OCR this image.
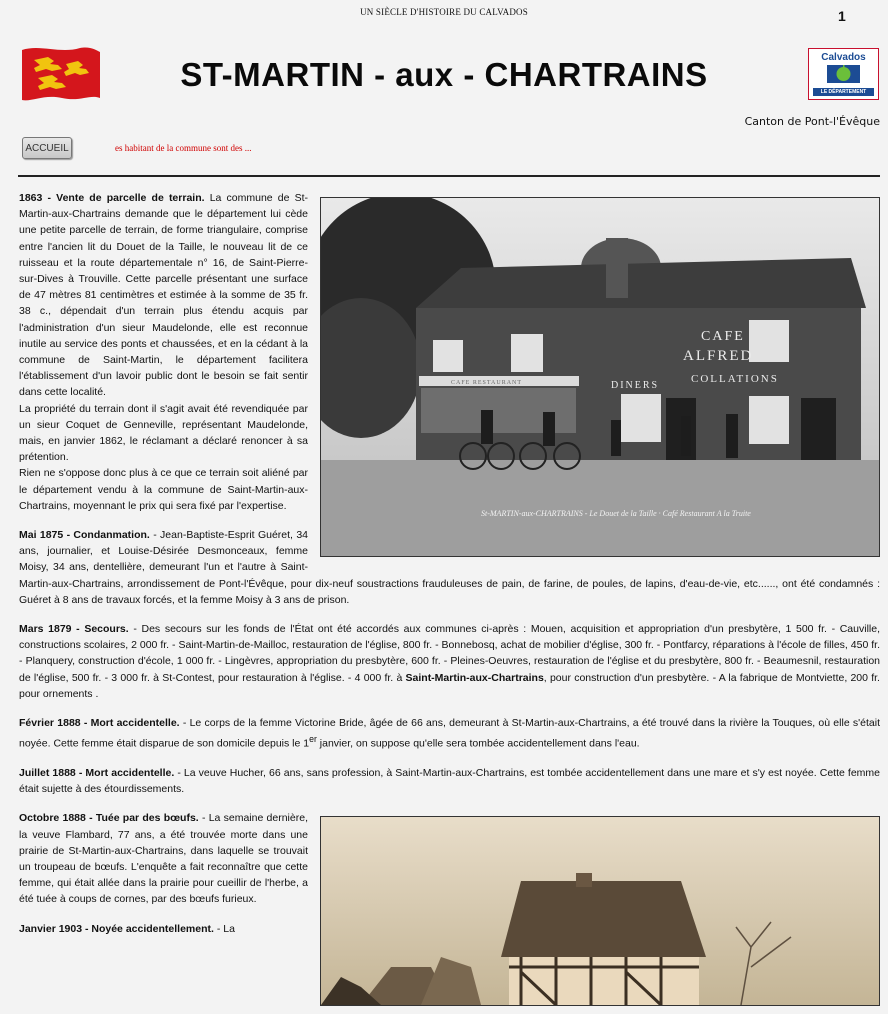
UN SIÈCLE D'HISTOIRE DU CALVADOS	1
ST-MARTIN - aux - CHARTRAINS	Calvados
LE DÉPARTEMENT
Canton de Pont-l'Évêque
ACCUEIL	es habitant de la commune sont des ...
CAFE
ALFRED
DINERS
COLLATIONS
CAFE RESTAURANT
St-MARTIN-aux-CHARTRAINS - Le Douet de la Taille · Café Restaurant A la Truite

1863 - Vente de parcelle de terrain. La commune de St-Martin-aux-Chartrains demande que le département lui cède une petite parcelle de terrain, de forme triangulaire, comprise entre l'ancien lit du Douet de la Taille, le nouveau lit de ce ruisseau et la route départementale n° 16, de Saint-Pierre-sur-Dives à Trouville. Cette parcelle présentant une surface de 47 mètres 81 centimètres et estimée à la somme de 35 fr. 38 c., dépendait d'un terrain plus étendu acquis par l'administration d'un sieur Maudelonde, elle est reconnue inutile au service des ponts et chaussées, et en la cédant à la commune de Saint-Martin, le département facilitera l'établissement d'un lavoir public dont le besoin se fait sentir dans cette localité.
La propriété du terrain dont il s'agit avait été revendiquée par un sieur Coquet de Genneville, représentant Maudelonde, mais, en janvier 1862, le réclamant a déclaré renoncer à sa prétention.
Rien ne s'oppose donc plus à ce que ce terrain soit aliéné par le département vendu à la commune de Saint-Martin-aux-Chartrains, moyennant le prix qui sera fixé par l'expertise.

Mai 1875 - Condanmation. - Jean-Baptiste-Esprit Guéret, 34 ans, journalier, et Louise-Désirée Desmonceaux, femme Moisy, 34 ans, dentellière, demeurant l'un et l'autre à Saint-Martin-aux-Chartrains, arrondissement de Pont-l'Évêque, pour dix-neuf soustractions frauduleuses de pain, de farine, de poules, de lapins, d'eau-de-vie, etc......, ont été condamnés : Guéret à 8 ans de travaux forcés, et la femme Moisy à 3 ans de prison.

Mars 1879 - Secours. - Des secours sur les fonds de l'État ont été accordés aux communes ci-après : Mouen, acquisition et appropriation d'un presbytère, 1 500 fr. - Cauville, constructions scolaires, 2 000 fr. - Saint-Martin-de-Mailloc, restauration de l'église, 800 fr. - Bonnebosq, achat de mobilier d'église, 300 fr. - Pontfarcy, réparations à l'école de filles, 450 fr. - Planquery, construction d'école, 1 000 fr. - Lingèvres, appropriation du presbytère, 600 fr. - Pleines-Oeuvres, restauration de l'église et du presbytère, 800 fr. - Beaumesnil, restauration de l'église, 500 fr. - 3 000 fr. à St-Contest, pour restauration à l'église. - 4 000 fr. à Saint-Martin-aux-Chartrains, pour construction d'un presbytère. - A la fabrique de Montviette, 200 fr. pour ornements .

Février 1888 - Mort accidentelle. - Le corps de la femme Victorine Bride, âgée de 66 ans, demeurant à St-Martin-aux-Chartrains, a été trouvé dans la rivière la Touques, où elle s'était noyée. Cette femme était disparue de son domicile depuis le 1er janvier, on suppose qu'elle sera tombée accidentellement dans l'eau.

Juillet 1888 - Mort accidentelle. - La veuve Hucher, 66 ans, sans profession, à Saint-Martin-aux-Chartrains, est tombée accidentellement dans une mare et s'y est noyée. Cette femme était sujette à des étourdissements.

Octobre 1888 - Tuée par des bœufs. - La semaine dernière, la veuve Flambard, 77 ans, a été trouvée morte dans une prairie de St-Martin-aux-Chartrains, dans laquelle se trouvait un troupeau de bœufs. L'enquête a fait reconnaître que cette femme, qui était allée dans la prairie pour cueillir de l'herbe, a été tuée à coups de cornes, par des bœufs furieux.

Janvier 1903 - Noyée accidentellement. - La
